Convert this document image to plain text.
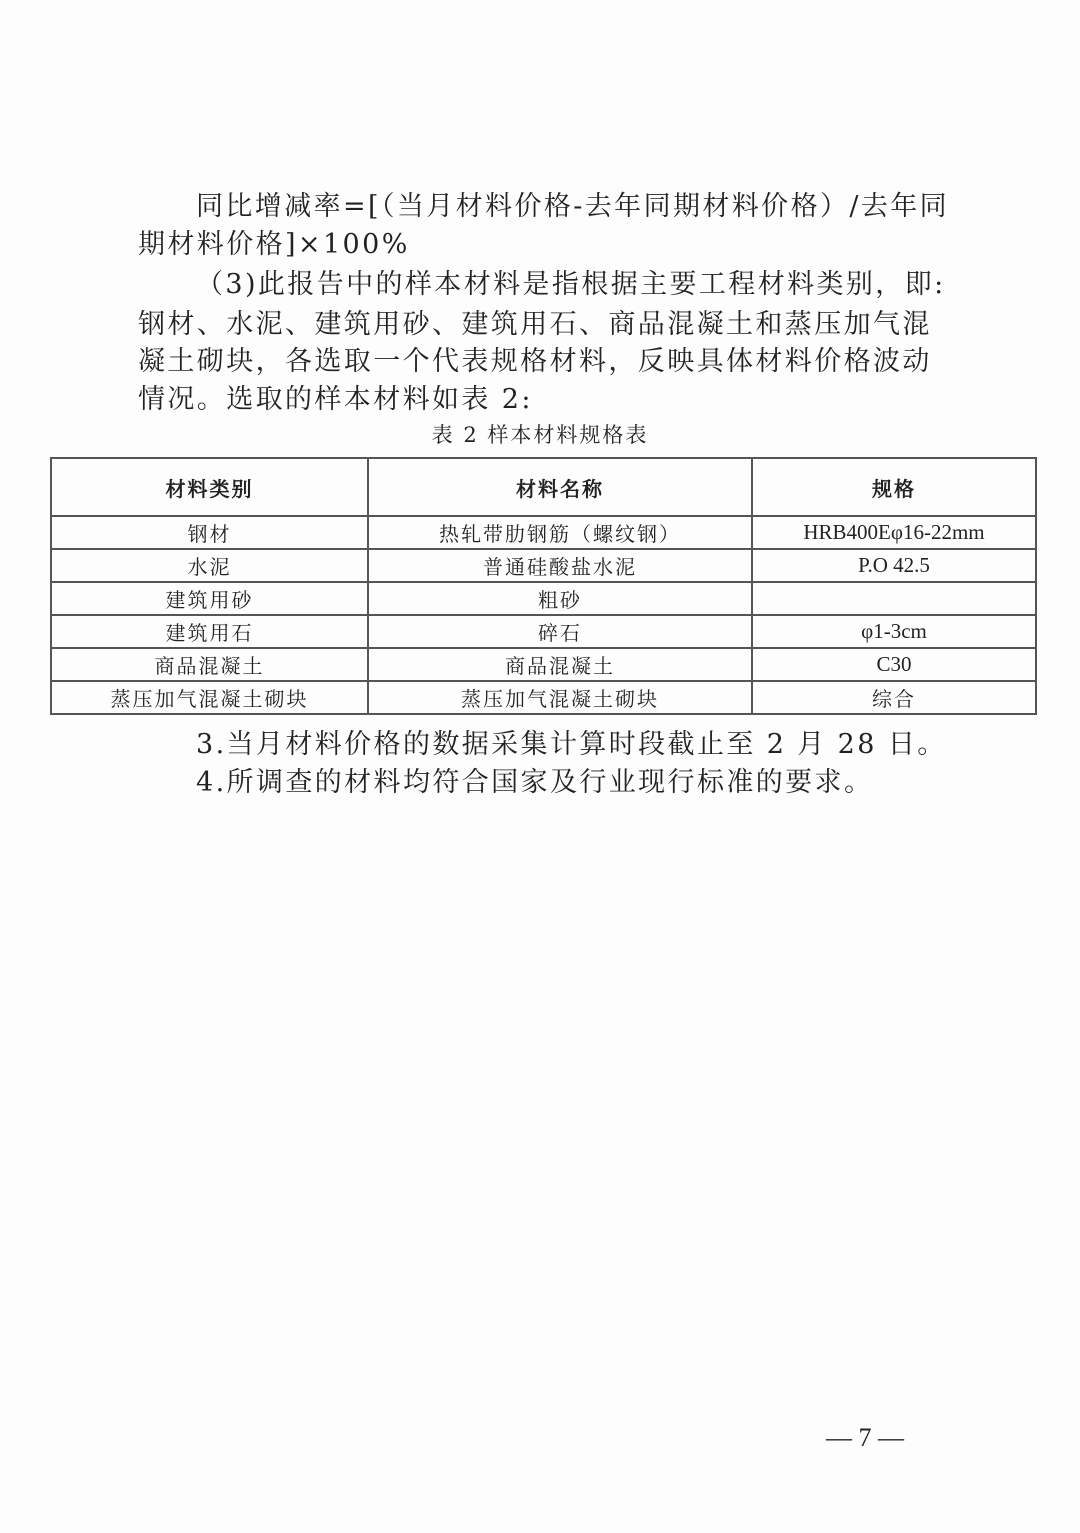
同比增减率=[（当月材料价格-去年同期材料价格）/去年同
期材料价格]×100%
（3)此报告中的样本材料是指根据主要工程材料类别，即:
钢材、水泥、建筑用砂、建筑用石、商品混凝土和蒸压加气混
凝土砌块，各选取一个代表规格材料，反映具体材料价格波动
情况。选取的样本材料如表 2:
表 2 样本材料规格表
材料类别	材料名称	规格
钢材	热轧带肋钢筋（螺纹钢）	HRB400Eφ16-22mm
水泥	普通硅酸盐水泥	P.O 42.5
建筑用砂	粗砂	
建筑用石	碎石	φ1-3cm
商品混凝土	商品混凝土	C30
蒸压加气混凝土砌块	蒸压加气混凝土砌块	综合
3.当月材料价格的数据采集计算时段截止至 2 月 28 日。
4.所调查的材料均符合国家及行业现行标准的要求。
— 7 —
